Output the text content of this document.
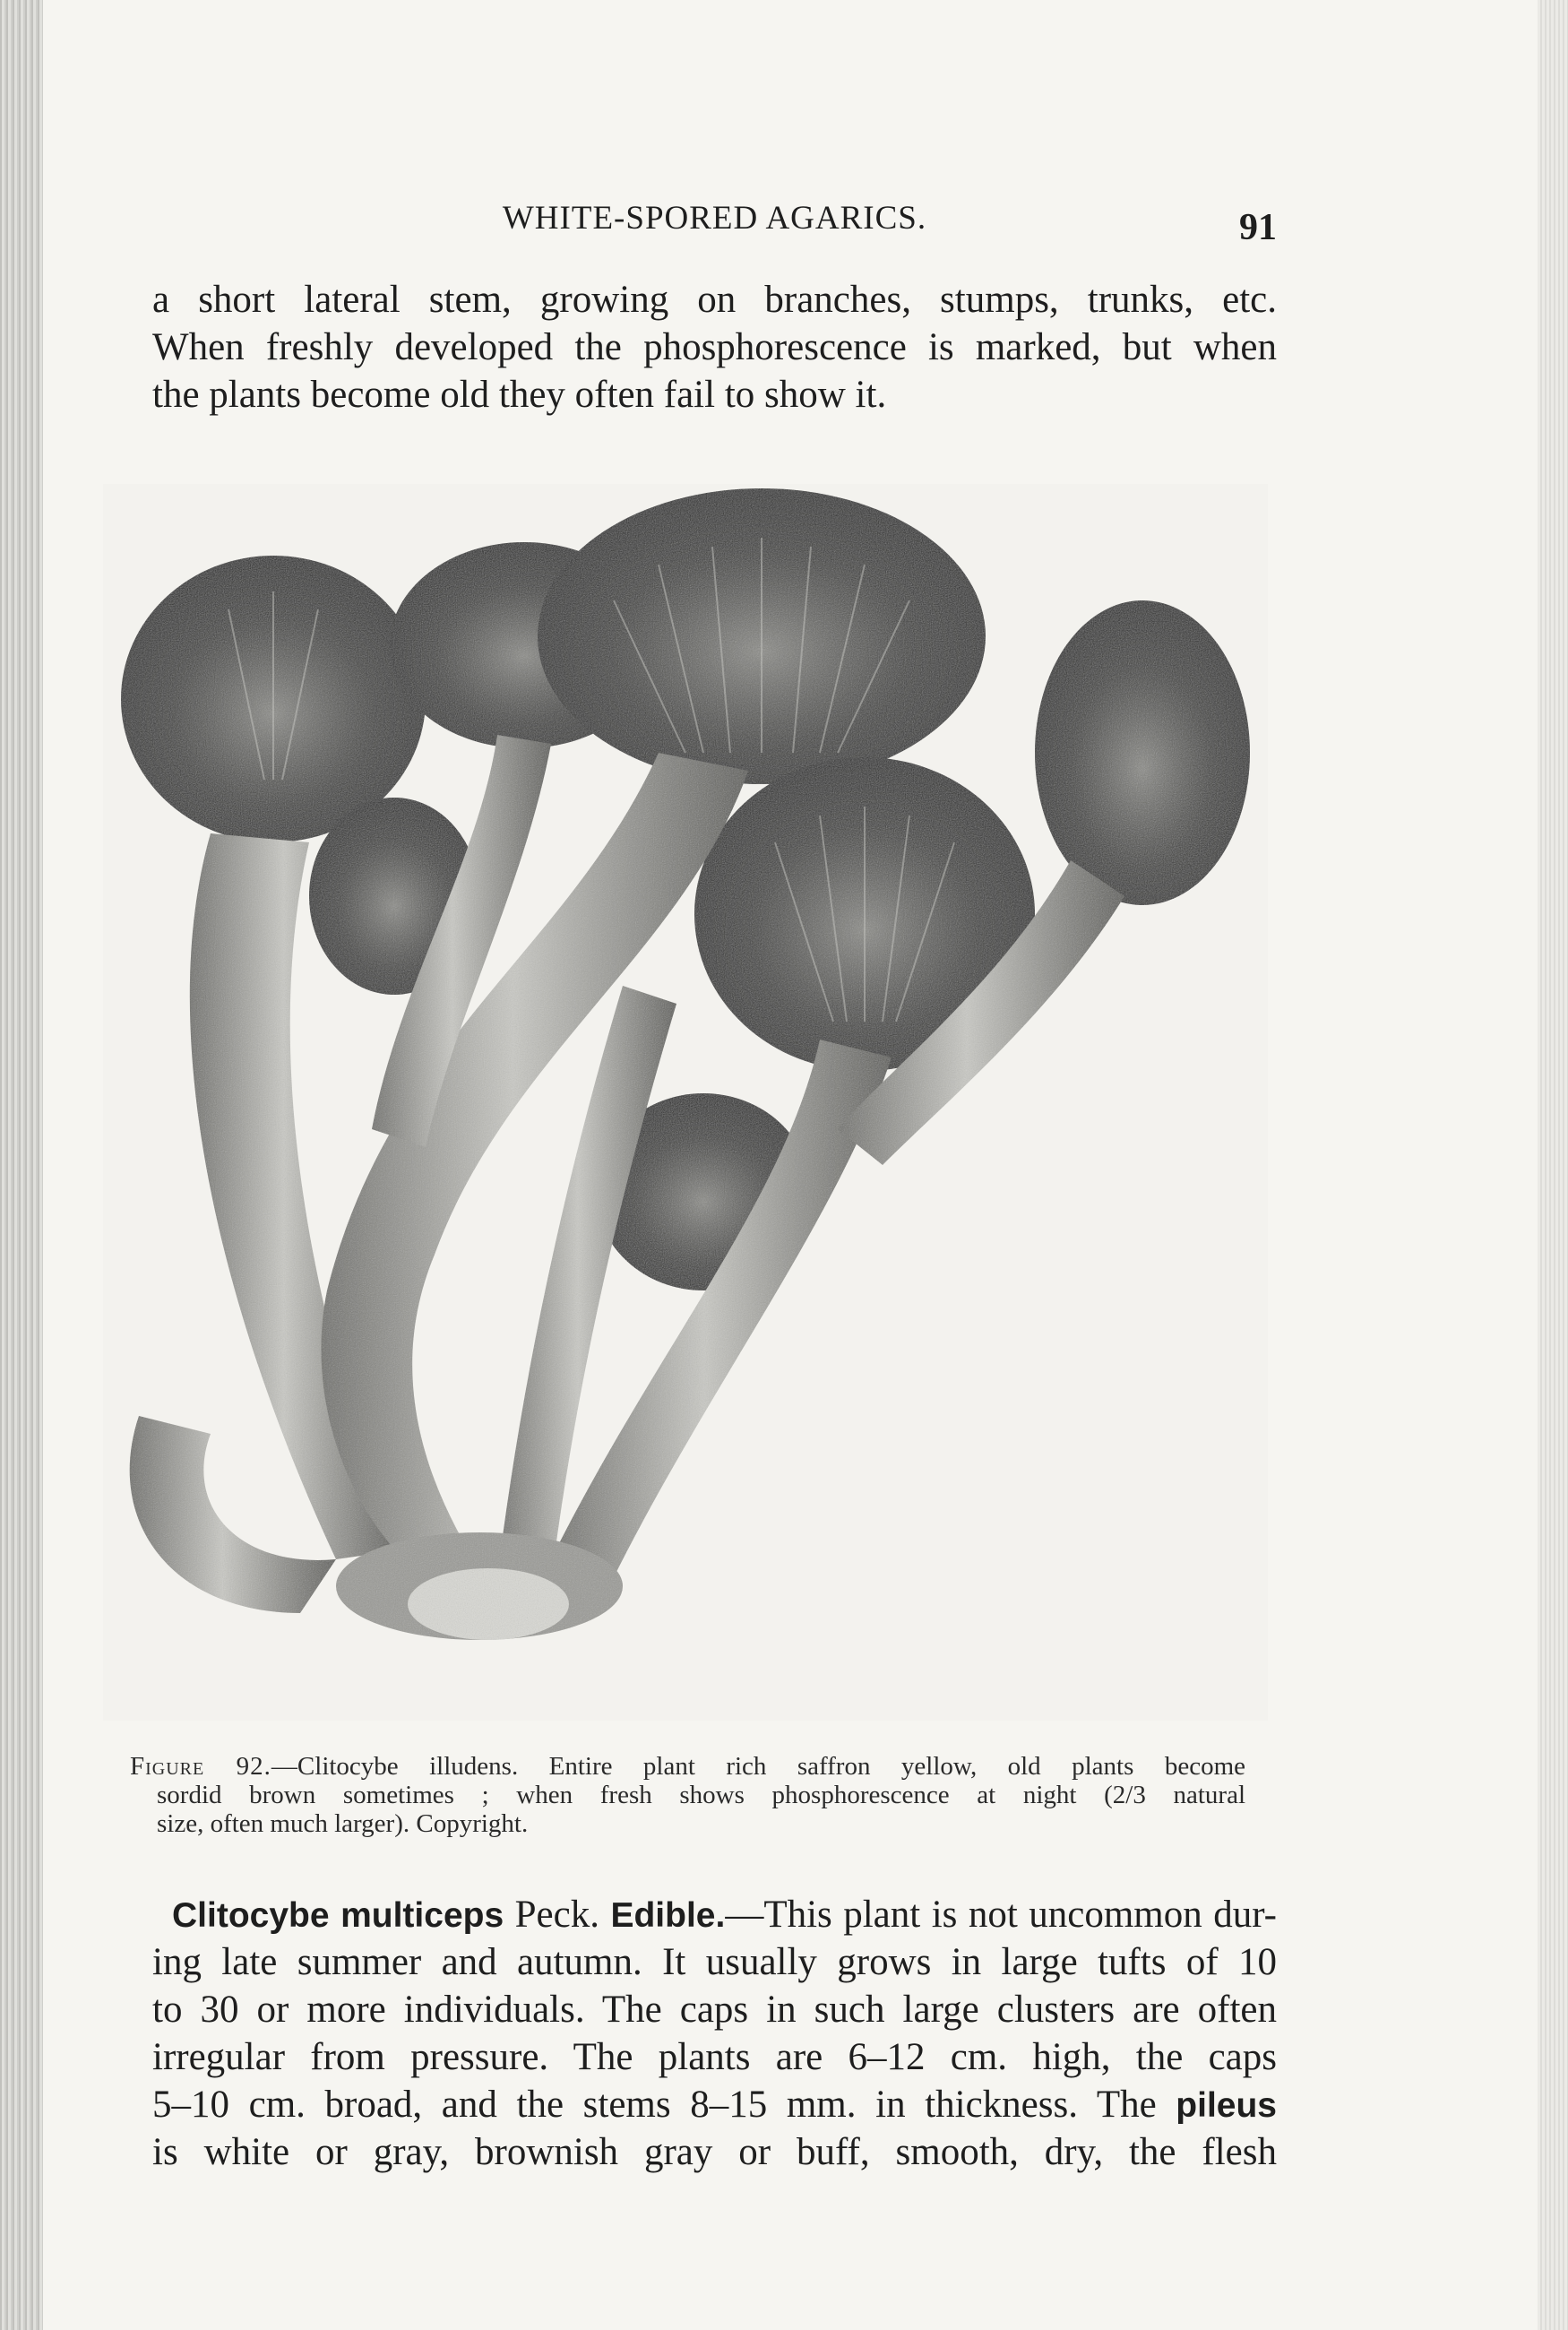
WHITE-SPORED AGARICS.	91
a short lateral stem, growing on branches, stumps, trunks, etc.
When freshly developed the phosphorescence is marked, but when
the plants become old they often fail to show it.
Figure 92.—Clitocybe illudens. Entire plant rich saffron yellow, old plants become
sordid brown sometimes ; when fresh shows phosphorescence at night (2/3 natural
size, often much larger). Copyright.
Clitocybe multiceps Peck. Edible.—This plant is not uncommon dur-
ing late summer and autumn. It usually grows in large tufts of 10
to 30 or more individuals. The caps in such large clusters are often
irregular from pressure. The plants are 6–12 cm. high, the caps
5–10 cm. broad, and the stems 8–15 mm. in thickness. The pileus
is white or gray, brownish gray or buff, smooth, dry, the flesh
